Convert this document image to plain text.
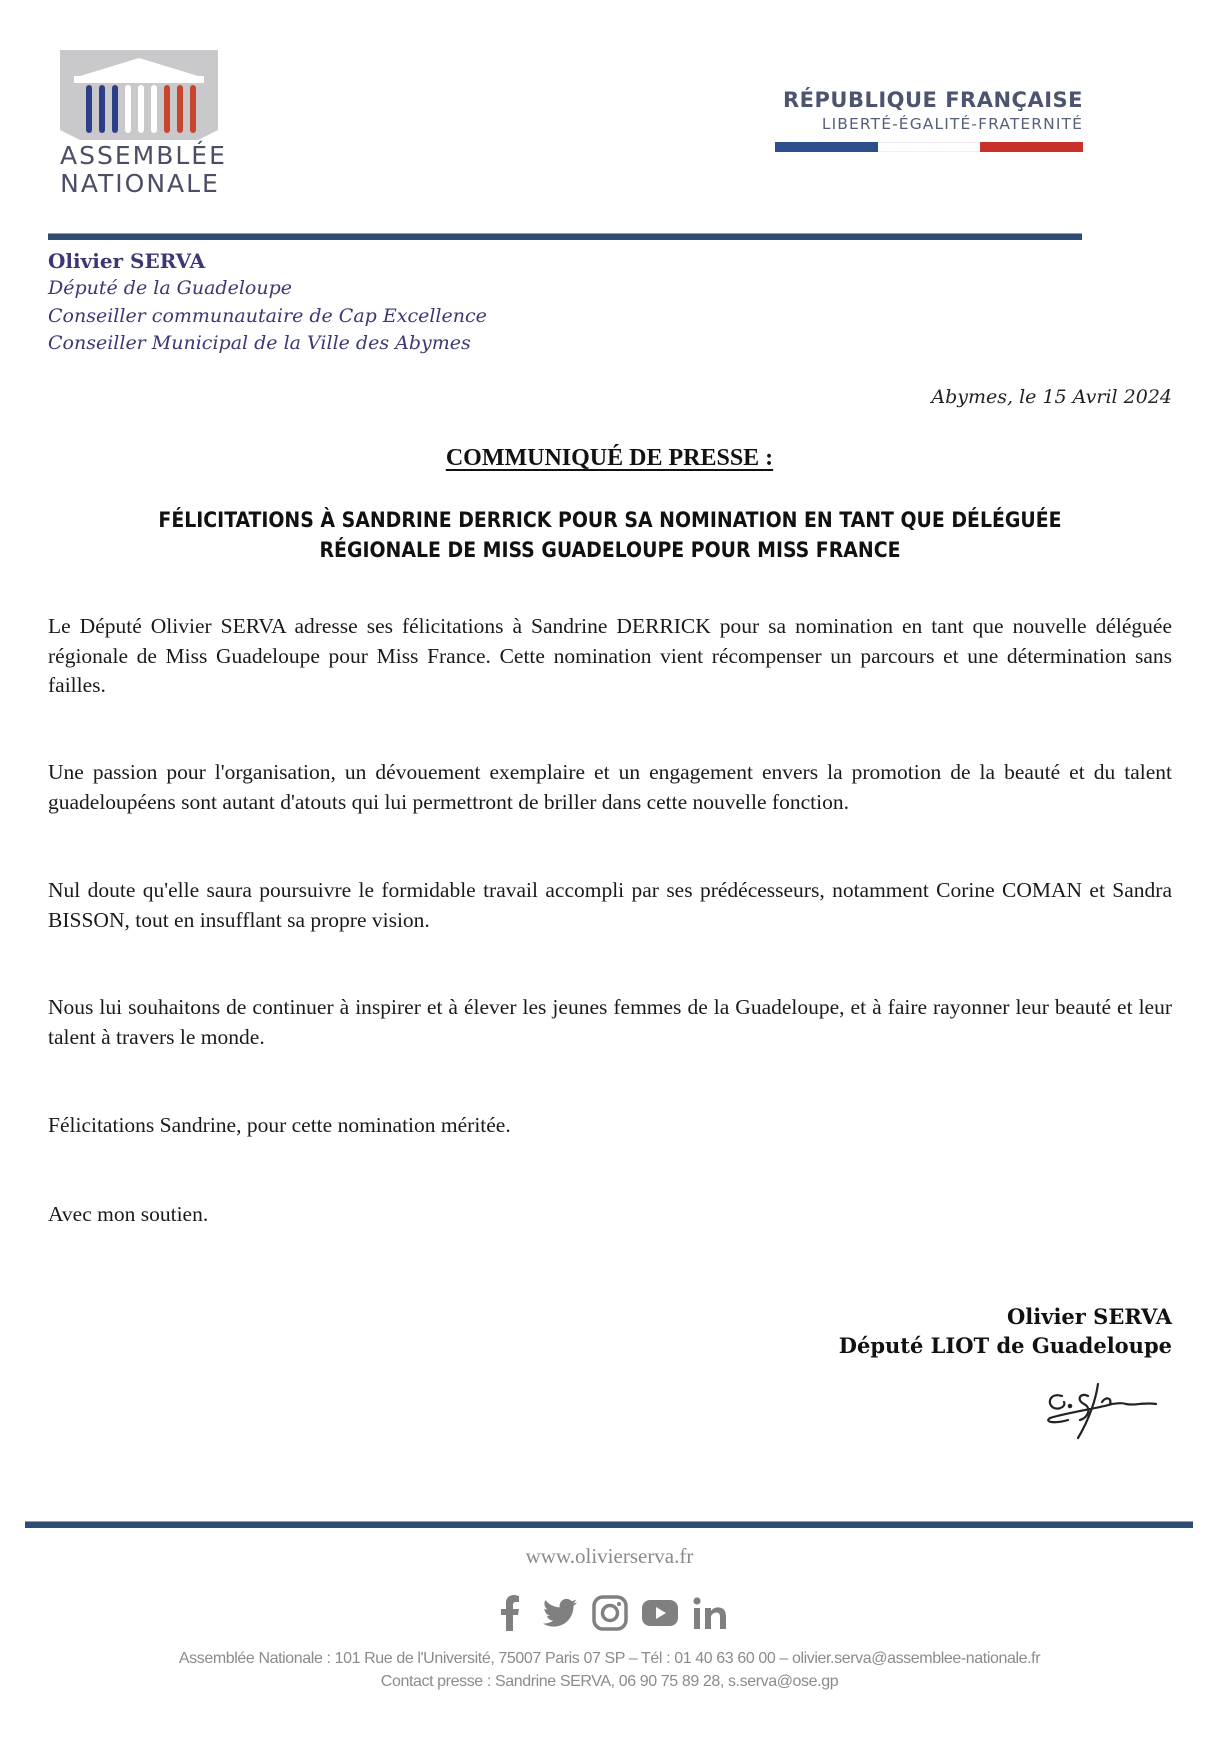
ASSEMBLÉE
NATIONALE
RÉPUBLIQUE FRANÇAISE
LIBERTÉ-ÉGALITÉ-FRATERNITÉ
Olivier SERVA
Député de la Guadeloupe
Conseiller communautaire de Cap Excellence
Conseiller Municipal de la Ville des Abymes
Abymes, le 15 Avril 2024
COMMUNIQUÉ DE PRESSE :
FÉLICITATIONS À SANDRINE DERRICK POUR SA NOMINATION EN TANT QUE DÉLÉGUÉE
RÉGIONALE DE MISS GUADELOUPE POUR MISS FRANCE

Le Député Olivier SERVA adresse ses félicitations à Sandrine DERRICK pour sa nomination en tant que nouvelle déléguée régionale de Miss Guadeloupe pour Miss France. Cette nomination vient récompenser un parcours et une détermination sans failles.

Une passion pour l'organisation, un dévouement exemplaire et un engagement envers la promotion de la beauté et du talent guadeloupéens sont autant d'atouts qui lui permettront de briller dans cette nouvelle fonction.

Nul doute qu'elle saura poursuivre le formidable travail accompli par ses prédécesseurs, notamment Corine COMAN et Sandra BISSON, tout en insufflant sa propre vision.

Nous lui souhaitons de continuer à inspirer et à élever les jeunes femmes de la Guadeloupe, et à faire rayonner leur beauté et leur talent à travers le monde.

Félicitations Sandrine, pour cette nomination méritée.

Avec mon soutien.

Olivier SERVA
Député LIOT de Guadeloupe
www.olivierserva.fr
Assemblée Nationale : 101 Rue de l'Université, 75007 Paris 07 SP – Tél : 01 40 63 60 00 – olivier.serva@assemblee-nationale.fr
Contact presse : Sandrine SERVA, 06 90 75 89 28, s.serva@ose.gp
